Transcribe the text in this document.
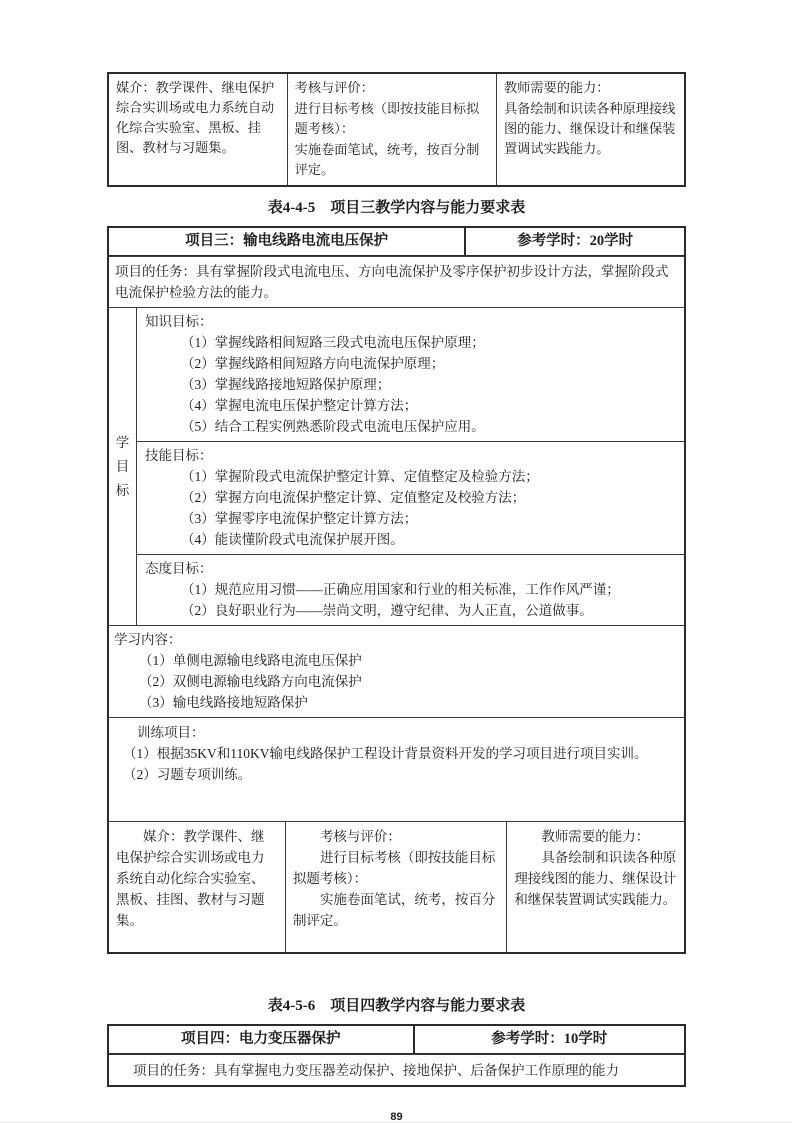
媒介：教学课件、继电保护综合实训场或电力系统自动化综合实验室、黑板、挂图、教材与习题集。

考核与评价：

进行目标考核（即按技能目标拟题考核）：

实施卷面笔试，统考，按百分制评定。

教师需要的能力：

具备绘制和识读各种原理接线图的能力、继保设计和继保装置调试实践能力。

表4-4-5　项目三教学内容与能力要求表
项目三：输电线路电流电压保护	参考学时：20学时

项目的任务：具有掌握阶段式电流电压、方向电流保护及零序保护初步设计方法，掌握阶段式电流保护检验方法的能力。

学
目
标

知识目标：

（1）掌握线路相间短路三段式电流电压保护原理；

（2）掌握线路相间短路方向电流保护原理；

（3）掌握线路接地短路保护原理；

（4）掌握电流电压保护整定计算方法；

（5）结合工程实例熟悉阶段式电流电压保护应用。

技能目标：

（1）掌握阶段式电流保护整定计算、定值整定及检验方法；

（2）掌握方向电流保护整定计算、定值整定及校验方法；

（3）掌握零序电流保护整定计算方法；

（4）能读懂阶段式电流保护展开图。

态度目标：

（1）规范应用习惯——正确应用国家和行业的相关标准，工作作风严谨；

（2）良好职业行为——崇尚文明，遵守纪律、为人正直，公道做事。

学习内容：

（1）单侧电源输电线路电流电压保护

（2）双侧电源输电线路方向电流保护

（3）输电线路接地短路保护

训练项目：

（1）根据35KV和110KV输电线路保护工程设计背景资料开发的学习项目进行项目实训。

（2）习题专项训练。

媒介：教学课件、继电保护综合实训场或电力系统自动化综合实验室、黑板、挂图、教材与习题集。

考核与评价：

进行目标考核（即按技能目标拟题考核）：

实施卷面笔试，统考，按百分制评定。

教师需要的能力：

具备绘制和识读各种原理接线图的能力、继保设计和继保装置调试实践能力。

表4-5-6　项目四教学内容与能力要求表
项目四：电力变压器保护	参考学时：10学时

项目的任务：具有掌握电力变压器差动保护、接地保护、后备保护工作原理的能力

89
